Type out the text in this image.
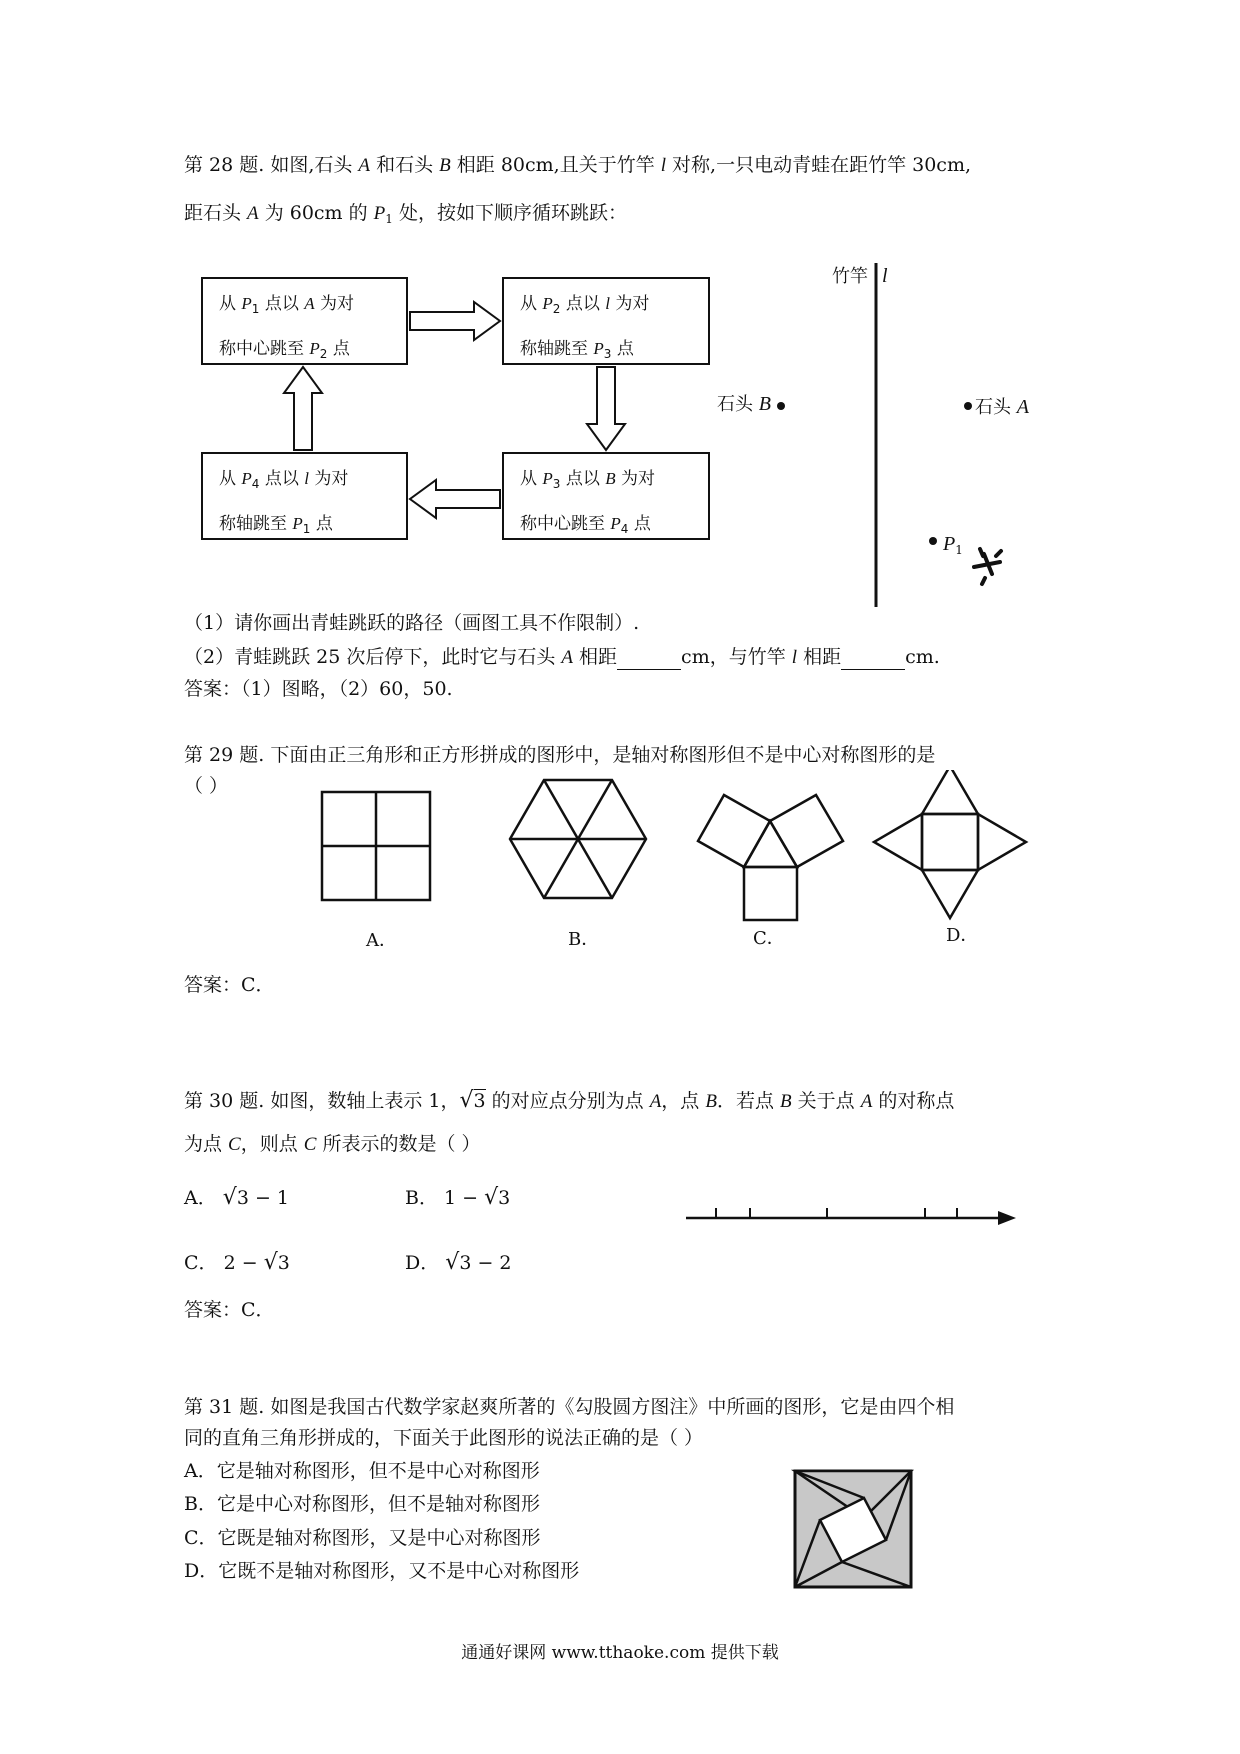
第 28 题. 如图,石头 A 和石头 B 相距 80cm,且关于竹竿 l 对称,一只电动青蛙在距竹竿 30cm,
距石头 A 为 60cm 的 $P_1$ 处，按如下顺序循环跳跃：
从 $P_1$ 点以 A 为对
称中心跳至 $P_2$ 点
从 $P_2$ 点以 l 为对
称轴跳至 $P_3$ 点
从 $P_3$ 点以 B 为对
称中心跳至 $P_4$ 点
从 $P_4$ 点以 l 为对
称轴跳至 $P_1$ 点
竹竿 l
石头 B	石头 A
$P_1$
（1）请你画出青蛙跳跃的路径（画图工具不作限制）.
（2）青蛙跳跃 25 次后停下，此时它与石头 A 相距	cm，与竹竿 l 相距	cm.
答案：（1）图略，（2）60，50.
第 29 题. 下面由正三角形和正方形拼成的图形中，是轴对称图形但不是中心对称图形的是
（ ）
A．	B．	C．	D．
答案：C．
第 30 题. 如图，数轴上表示 1，√3 的对应点分别为点 A，点 B．若点 B 关于点 A 的对称点
为点 C，则点 C 所表示的数是（ ）
A． √3 − 1	B． 1 − √3
C． 2 − √3	D． √3 − 2
答案：C．
第 31 题. 如图是我国古代数学家赵爽所著的《勾股圆方图注》中所画的图形，它是由四个相
同的直角三角形拼成的，下面关于此图形的说法正确的是（ ）
A．它是轴对称图形，但不是中心对称图形
B．它是中心对称图形，但不是轴对称图形
C．它既是轴对称图形，又是中心对称图形
D．它既不是轴对称图形，又不是中心对称图形
通通好课网 www.tthaoke.com 提供下载
